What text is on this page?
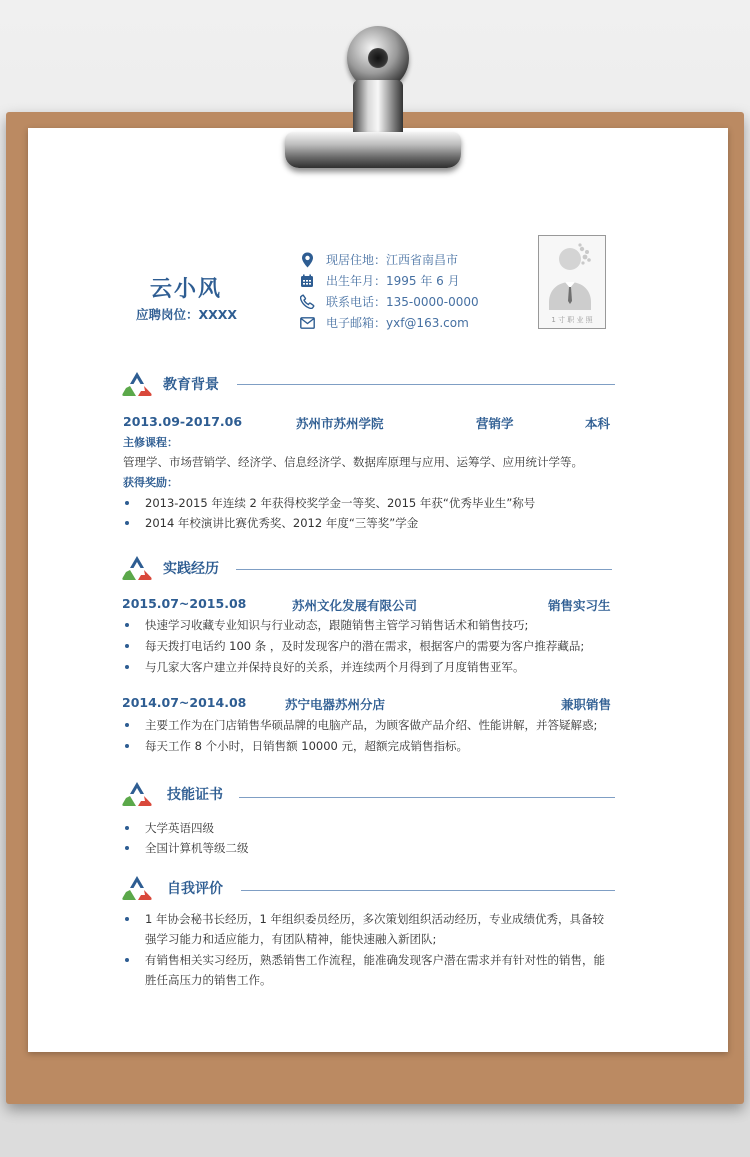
云小风
应聘岗位：XXXX
现居住地：江西省南昌市
出生年月：1995 年 6 月
联系电话：135-0000-0000
电子邮箱：yxf@163.com	1 寸 职 业 照
教育背景
2013.09-2017.06	苏州市苏州学院	营销学	本科
主修课程：
管理学、市场营销学、经济学、信息经济学、数据库原理与应用、运筹学、应用统计学等。
获得奖励：
2013-2015 年连续 2 年获得校奖学金一等奖、2015 年获“优秀毕业生”称号
2014 年校演讲比赛优秀奖、2012 年度“三等奖”学金
实践经历
2015.07~2015.08	苏州文化发展有限公司	销售实习生
快速学习收藏专业知识与行业动态，跟随销售主管学习销售话术和销售技巧;
每天拨打电话约 100 条 ，及时发现客户的潜在需求，根据客户的需要为客户推荐藏品;
与几家大客户建立并保持良好的关系，并连续两个月得到了月度销售亚军。
2014.07~2014.08	苏宁电器苏州分店	兼职销售
主要工作为在门店销售华硕品牌的电脑产品，为顾客做产品介绍、性能讲解，并答疑解惑;
每天工作 8 个小时，日销售额 10000 元，超额完成销售指标。
技能证书
大学英语四级
全国计算机等级二级
自我评价
1 年协会秘书长经历，1 年组织委员经历，多次策划组织活动经历，专业成绩优秀，具备较
强学习能力和适应能力，有团队精神，能快速融入新团队;
有销售相关实习经历，熟悉销售工作流程，能准确发现客户潜在需求并有针对性的销售，能
胜任高压力的销售工作。
